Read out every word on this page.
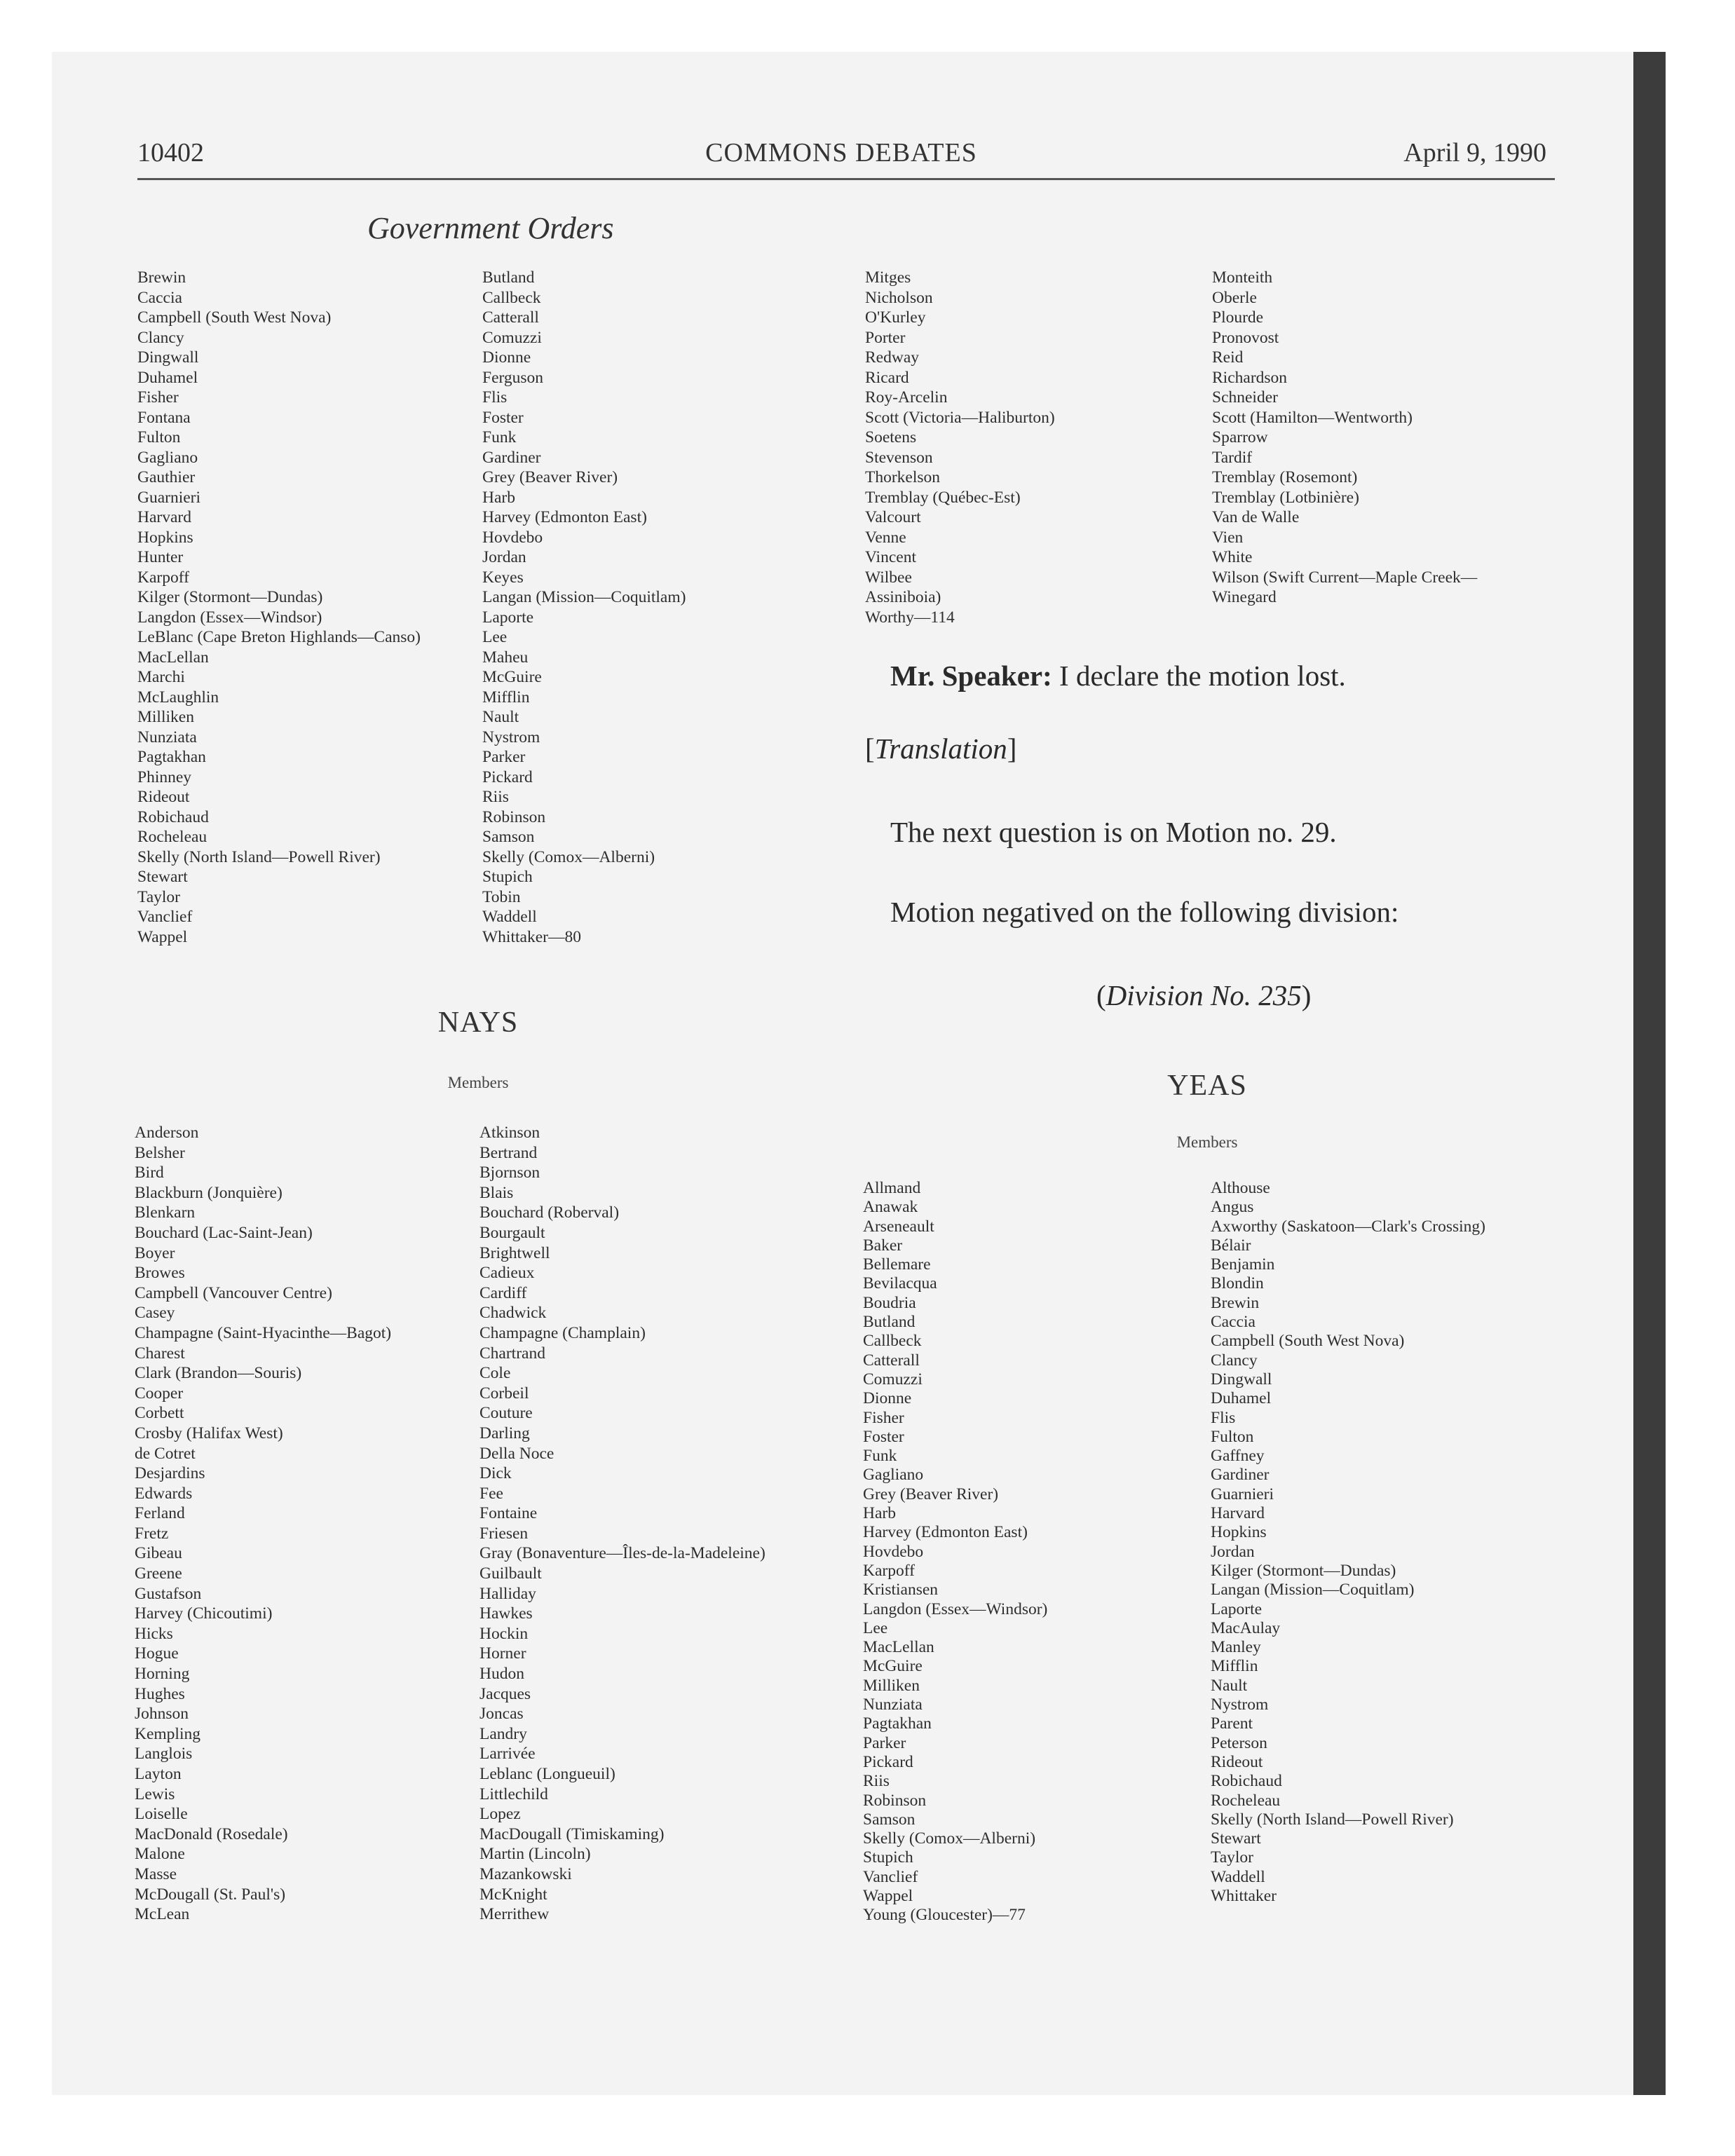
10402	COMMONS DEBATES	April 9, 1990
Government Orders
Brewin
Caccia
Campbell (South West Nova)
Clancy
Dingwall
Duhamel
Fisher
Fontana
Fulton
Gagliano
Gauthier
Guarnieri
Harvard
Hopkins
Hunter
Karpoff
Kilger (Stormont—Dundas)
Langdon (Essex—Windsor)
LeBlanc (Cape Breton Highlands—Canso)
MacLellan
Marchi
McLaughlin
Milliken
Nunziata
Pagtakhan
Phinney
Rideout
Robichaud
Rocheleau
Skelly (North Island—Powell River)
Stewart
Taylor
Vanclief
Wappel
Butland
Callbeck
Catterall
Comuzzi
Dionne
Ferguson
Flis
Foster
Funk
Gardiner
Grey (Beaver River)
Harb
Harvey (Edmonton East)
Hovdebo
Jordan
Keyes
Langan (Mission—Coquitlam)
Laporte
Lee
Maheu
McGuire
Mifflin
Nault
Nystrom
Parker
Pickard
Riis
Robinson
Samson
Skelly (Comox—Alberni)
Stupich
Tobin
Waddell
Whittaker—80
NAYS
Members
Anderson
Belsher
Bird
Blackburn (Jonquière)
Blenkarn
Bouchard (Lac-Saint-Jean)
Boyer
Browes
Campbell (Vancouver Centre)
Casey
Champagne (Saint-Hyacinthe—Bagot)
Charest
Clark (Brandon—Souris)
Cooper
Corbett
Crosby (Halifax West)
de Cotret
Desjardins
Edwards
Ferland
Fretz
Gibeau
Greene
Gustafson
Harvey (Chicoutimi)
Hicks
Hogue
Horning
Hughes
Johnson
Kempling
Langlois
Layton
Lewis
Loiselle
MacDonald (Rosedale)
Malone
Masse
McDougall (St. Paul's)
McLean
Atkinson
Bertrand
Bjornson
Blais
Bouchard (Roberval)
Bourgault
Brightwell
Cadieux
Cardiff
Chadwick
Champagne (Champlain)
Chartrand
Cole
Corbeil
Couture
Darling
Della Noce
Dick
Fee
Fontaine
Friesen
Gray (Bonaventure—Îles-de-la-Madeleine)
Guilbault
Halliday
Hawkes
Hockin
Horner
Hudon
Jacques
Joncas
Landry
Larrivée
Leblanc (Longueuil)
Littlechild
Lopez
MacDougall (Timiskaming)
Martin (Lincoln)
Mazankowski
McKnight
Merrithew
Mitges
Nicholson
O'Kurley
Porter
Redway
Ricard
Roy-Arcelin
Scott (Victoria—Haliburton)
Soetens
Stevenson
Thorkelson
Tremblay (Québec-Est)
Valcourt
Venne
Vincent
Wilbee
Assiniboia)
Worthy—114
Monteith
Oberle
Plourde
Pronovost
Reid
Richardson
Schneider
Scott (Hamilton—Wentworth)
Sparrow
Tardif
Tremblay (Rosemont)
Tremblay (Lotbinière)
Van de Walle
Vien
White
Wilson (Swift Current—Maple Creek—
Winegard
Mr. Speaker: I declare the motion lost.
[Translation]
The next question is on Motion no. 29.
Motion negatived on the following division:
(Division No. 235)
YEAS
Members
Allmand
Anawak
Arseneault
Baker
Bellemare
Bevilacqua
Boudria
Butland
Callbeck
Catterall
Comuzzi
Dionne
Fisher
Foster
Funk
Gagliano
Grey (Beaver River)
Harb
Harvey (Edmonton East)
Hovdebo
Karpoff
Kristiansen
Langdon (Essex—Windsor)
Lee
MacLellan
McGuire
Milliken
Nunziata
Pagtakhan
Parker
Pickard
Riis
Robinson
Samson
Skelly (Comox—Alberni)
Stupich
Vanclief
Wappel
Young (Gloucester)—77
Althouse
Angus
Axworthy (Saskatoon—Clark's Crossing)
Bélair
Benjamin
Blondin
Brewin
Caccia
Campbell (South West Nova)
Clancy
Dingwall
Duhamel
Flis
Fulton
Gaffney
Gardiner
Guarnieri
Harvard
Hopkins
Jordan
Kilger (Stormont—Dundas)
Langan (Mission—Coquitlam)
Laporte
MacAulay
Manley
Mifflin
Nault
Nystrom
Parent
Peterson
Rideout
Robichaud
Rocheleau
Skelly (North Island—Powell River)
Stewart
Taylor
Waddell
Whittaker
